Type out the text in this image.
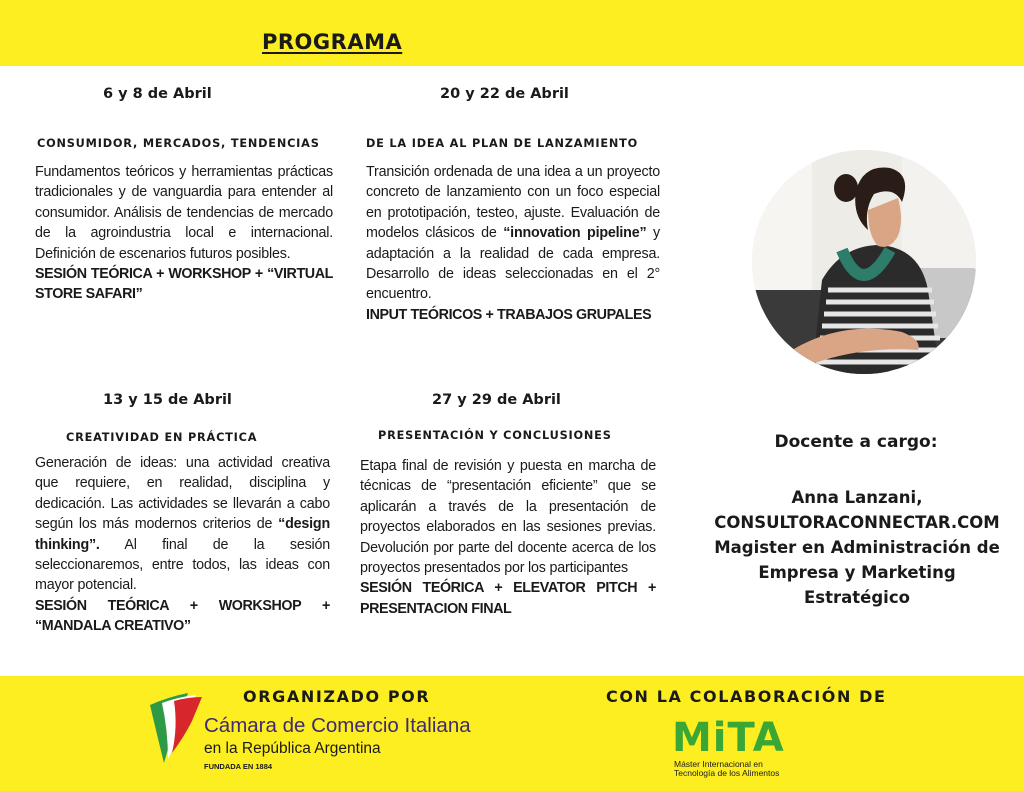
PROGRAMA
6 y 8 de Abril
CONSUMIDOR, MERCADOS, TENDENCIAS
Fundamentos teóricos y herramientas prácticas tradicionales y de vanguardia para entender al consumidor. Análisis de tendencias de mercado de la agroindustria local e internacional. Definición de escenarios futuros posibles.
SESIÓN TEÓRICA + WORKSHOP + “VIRTUAL STORE SAFARI”
20 y 22 de Abril
DE LA IDEA AL PLAN DE LANZAMIENTO
Transición ordenada de una idea a un proyecto concreto de lanzamiento con un foco especial en prototipación, testeo, ajuste. Evaluación de modelos clásicos de “innovation pipeline” y adaptación a la realidad de cada empresa. Desarrollo de ideas seleccionadas en el 2° encuentro.
INPUT TEÓRICOS + TRABAJOS GRUPALES
13 y 15 de Abril
CREATIVIDAD EN PRÁCTICA
Generación de ideas: una actividad creativa que requiere, en realidad, disciplina y dedicación. Las actividades se llevarán a cabo según los más modernos criterios de “design thinking”. Al final de la sesión seleccionaremos, entre todos, las ideas con mayor potencial.
SESIÓN TEÓRICA + WORKSHOP + “MANDALA CREATIVO”
27 y 29 de Abril
PRESENTACIÓN Y CONCLUSIONES
Etapa final de revisión y puesta en marcha de técnicas de “presentación eficiente” que se aplicarán a través de la presentación de proyectos elaborados en las sesiones previas. Devolución por parte del docente acerca de los proyectos presentados por los participantes
SESIÓN TEÓRICA + ELEVATOR PITCH + PRESENTACION FINAL
Docente a cargo:
Anna Lanzani,
CONSULTORACONNECTAR.COM
Magister en Administración de
Empresa y Marketing
Estratégico
ORGANIZADO POR	CON LA COLABORACIÓN DE
Cámara de Comercio Italiana
en la República Argentina
FUNDADA EN 1884
MiTA
Máster Internacional en
Tecnología de los Alimentos
